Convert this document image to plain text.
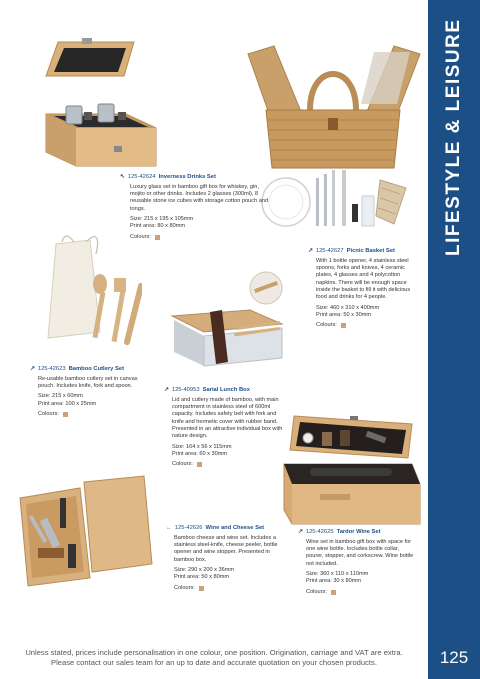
LIFESTYLE & LEISURE
125
↖ 125-42624 Inverness Drinks Set
Luxury glass set in bamboo gift box for whiskey, gin, mojito or other drinks. Includes 2 glasses (300ml), 8 reusable stone ice cubes with storage cotton pouch and tongs.
Size: 215 x 195 x 105mm
Print area: 80 x 80mm
Colours:
↗ 125-42627 Picnic Basket Set
With 1 bottle opener, 4 stainless steel spoons, forks and knives, 4 ceramic plates, 4 glasses and 4 polycotton napkins. There will be enough space inside the basket to fill it with delicious food and drinks for 4 people.
Size: 460 x 310 x 400mm
Print area: 50 x 30mm
Colours:
↗ 125-42623 Bamboo Cutlery Set
Re-usable bamboo cutlery set in canvas pouch. Includes knife, fork and spoon.
Size: 215 x 60mm
Print area: 100 x 25mm
Colours:
↗ 125-40953 Sarial Lunch Box
Lid and cutlery made of bamboo, with main compartment in stainless steel of 600ml capacity. Includes safety belt with fork and knife and hermetic cover with rubber band. Presented in an attractive individual box with nature design.
Size: 164 x 56 x 115mm
Print area: 60 x 30mm
Colours:
← 125-42626 Wine and Cheese Set
Bamboo cheese and wine set. Includes a stainless steel-knife, cheese peeler, bottle opener and wine stopper. Presented in bamboo box.
Size: 290 x 200 x 36mm
Print area: 50 x 80mm
Colours:
↗ 125-42625 Tardor Wine Set
Wine set in bamboo gift box with space for one wine bottle. Includes bottle collar, pourer, stopper, and corkscrew. Wine bottle not included.
Size: 360 x 110 x 110mm
Print area: 30 x 80mm
Colours:
Unless stated, prices include personalisation in one colour, one position. Origination, carriage and VAT are extra.
Please contact our sales team for an up to date and accurate quotation on your chosen products.
